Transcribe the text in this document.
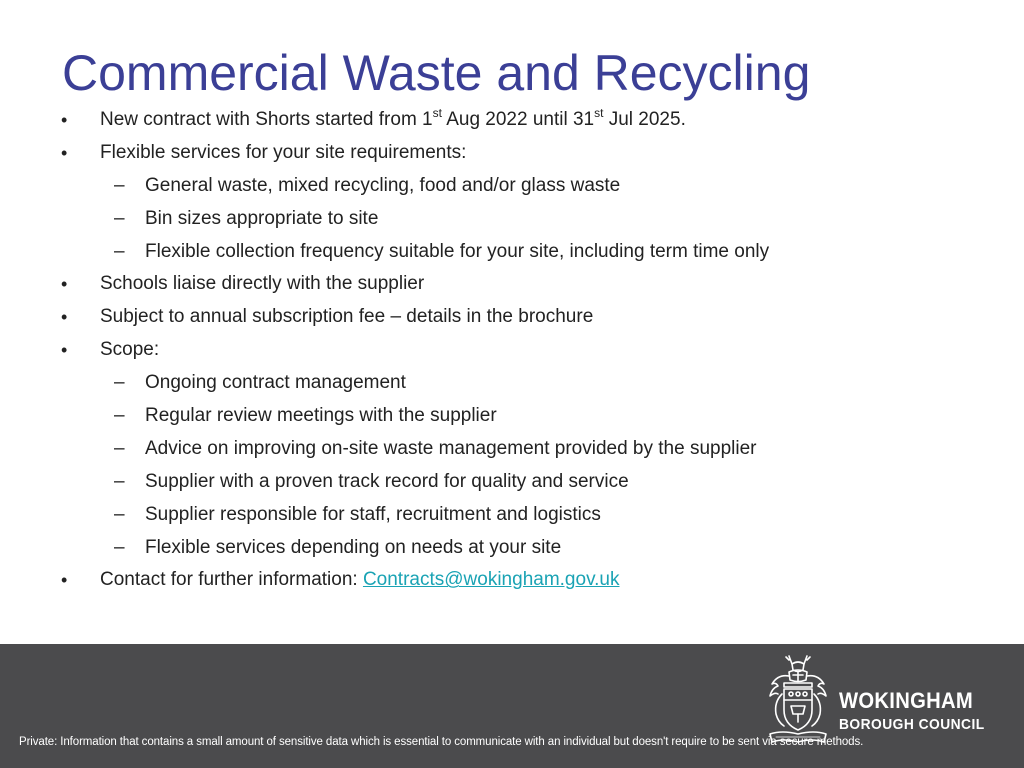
Commercial Waste and Recycling
• New contract with Shorts started from 1st Aug 2022 until 31st Jul 2025.
• Flexible services for your site requirements:
– General waste, mixed recycling, food and/or glass waste
– Bin sizes appropriate to site
– Flexible collection frequency suitable for your site, including term time only
• Schools liaise directly with the supplier
• Subject to annual subscription fee – details in the brochure
• Scope:
– Ongoing contract management
– Regular review meetings with the supplier
– Advice on improving on-site waste management provided by the supplier
– Supplier with a proven track record for quality and service
– Supplier responsible for staff, recruitment and logistics
– Flexible services depending on needs at your site
• Contact for further information: Contracts@wokingham.gov.uk
WOKINGHAM
BOROUGH COUNCIL
Private: Information that contains a small amount of sensitive data which is essential to communicate with an individual but doesn't require to be sent via secure methods.
